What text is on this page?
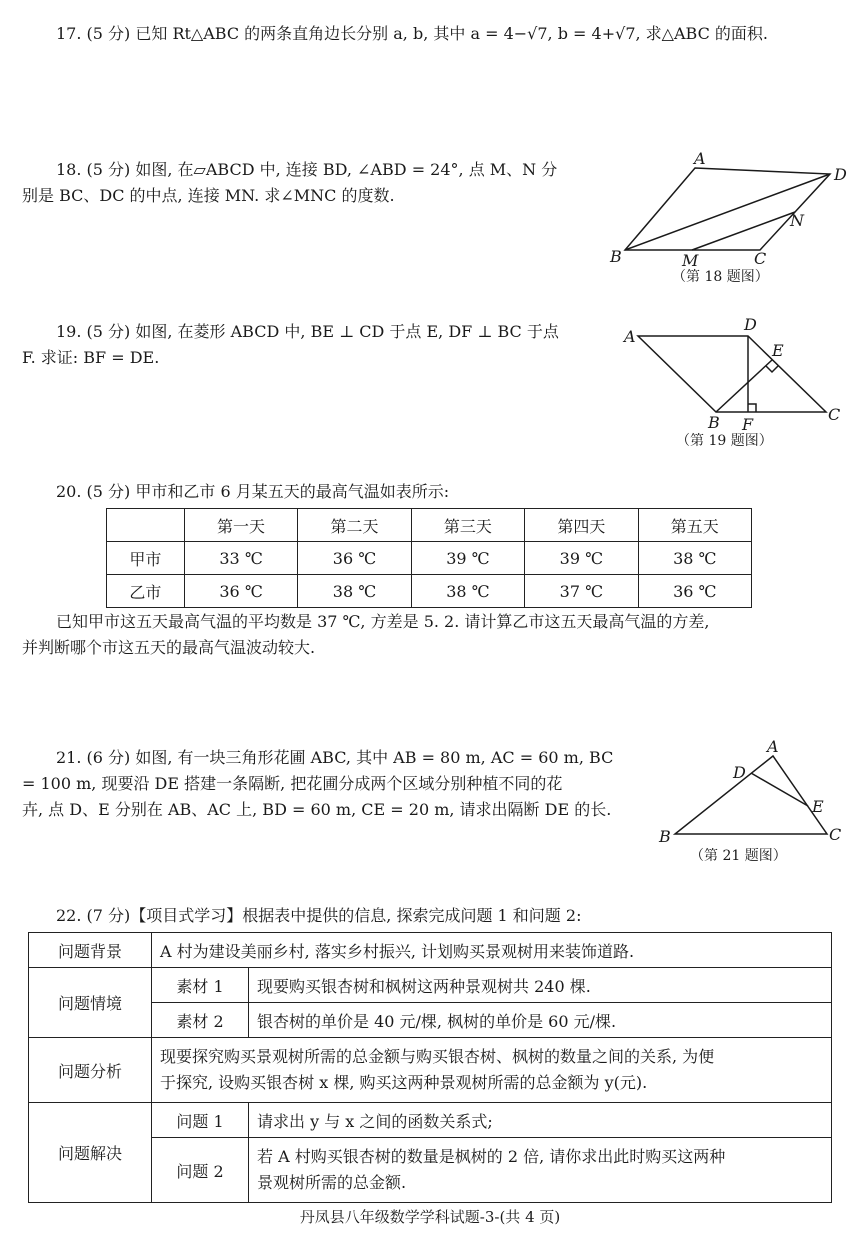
17. (5 分) 已知 Rt△ABC 的两条直角边长分别 a, b, 其中 a = 4−√7, b = 4+√7, 求△ABC 的面积.
18. (5 分) 如图, 在▱ABCD 中, 连接 BD, ∠ABD = 24°, 点 M、N 分
别是 BC、DC 的中点, 连接 MN. 求∠MNC 的度数.
A
D
B	C
M
N
（第 18 题图）
19. (5 分) 如图, 在菱形 ABCD 中, BE ⊥ CD 于点 E, DF ⊥ BC 于点
F. 求证: BF = DE.
A
D
E
B F
C
（第 19 题图）
20. (5 分) 甲市和乙市 6 月某五天的最高气温如表所示:
	第一天	第二天	第三天	第四天	第五天
甲市	33 ℃	36 ℃	39 ℃	39 ℃	38 ℃
乙市	36 ℃	38 ℃	38 ℃	37 ℃	36 ℃
已知甲市这五天最高气温的平均数是 37 ℃, 方差是 5. 2. 请计算乙市这五天最高气温的方差,
并判断哪个市这五天的最高气温波动较大.
21. (6 分) 如图, 有一块三角形花圃 ABC, 其中 AB = 80 m, AC = 60 m, BC
= 100 m, 现要沿 DE 搭建一条隔断, 把花圃分成两个区域分别种植不同的花
卉, 点 D、E 分别在 AB、AC 上, BD = 60 m, CE = 20 m, 请求出隔断 DE 的长.
A
D
E
B	C
（第 21 题图）
22. (7 分)【项目式学习】根据表中提供的信息, 探索完成问题 1 和问题 2:
问题背景	A 村为建设美丽乡村, 落实乡村振兴, 计划购买景观树用来装饰道路.	
问题情境	素材 1	现要购买银杏树和枫树这两种景观树共 240 棵.
	素材 2	银杏树的单价是 40 元/棵, 枫树的单价是 60 元/棵.
问题分析	现要探究购买景观树所需的总金额与购买银杏树、枫树的数量之间的关系, 为便
于探究, 设购买银杏树 x 棵, 购买这两种景观树所需的总金额为 y(元).	

问题解决	问题 1	请求出 y 与 x 之间的函数关系式;
	问题 2	若 A 村购买银杏树的数量是枫树的 2 倍, 请你求出此时购买这两种
景观树所需的总金额.
丹凤县八年级数学学科试题-3-(共 4 页)
